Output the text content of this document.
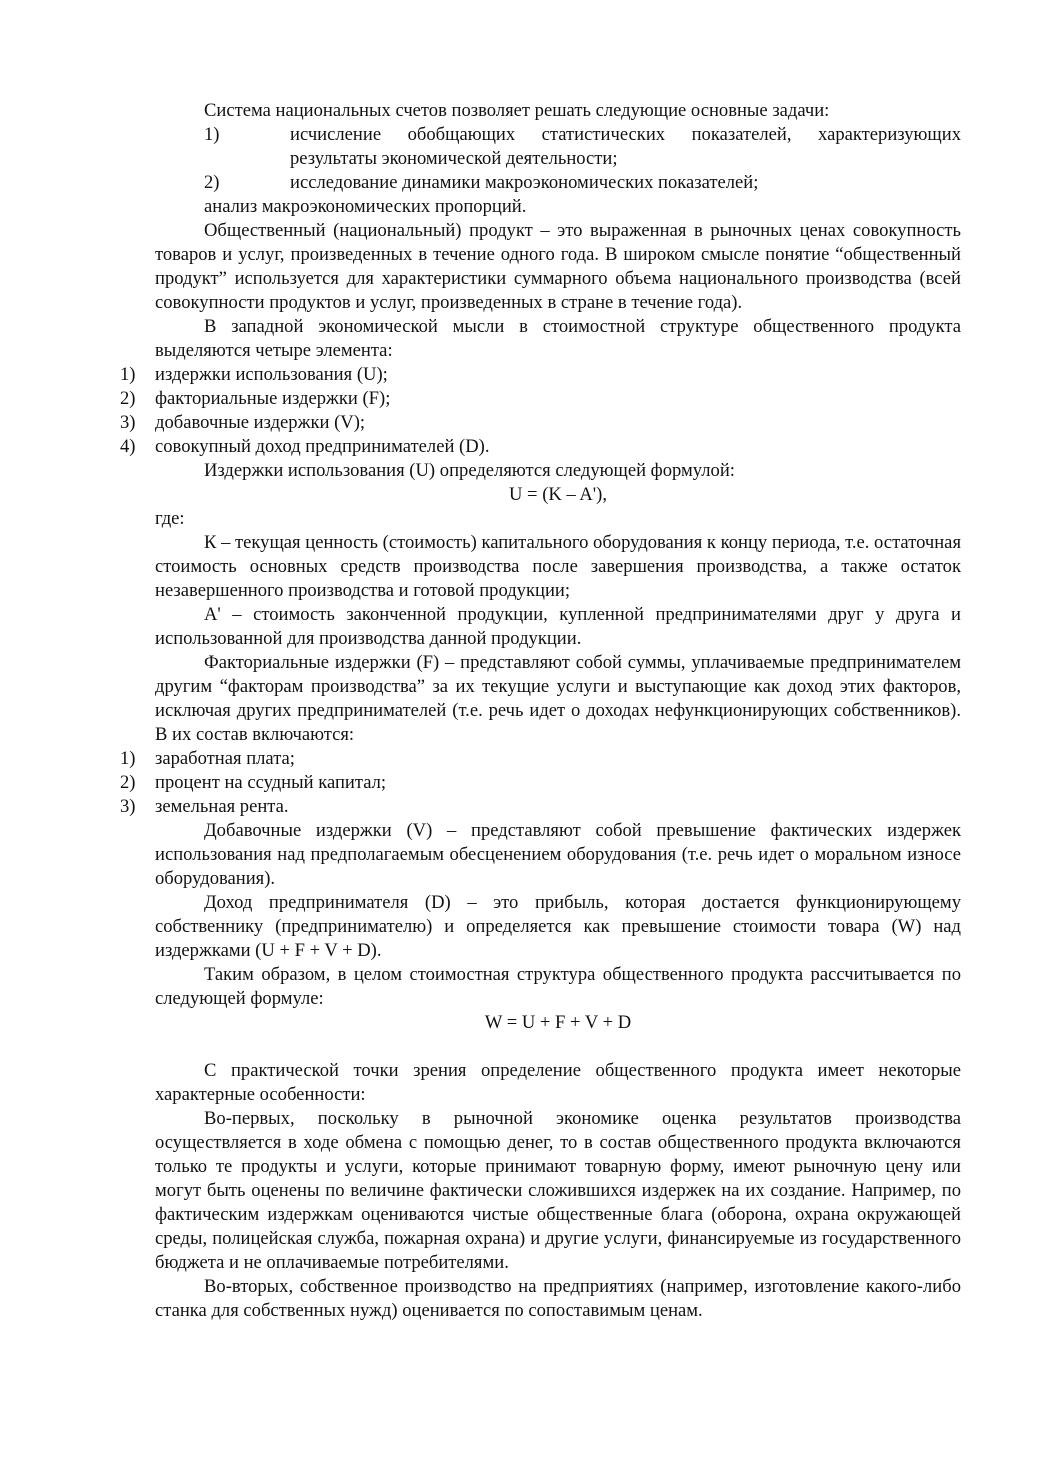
Система национальных счетов позволяет решать следующие основные задачи:

1)	исчисление обобщающих статистических показателей, характеризующих результаты экономической деятельности;
2)	исследование динамики макроэкономических показателей;

анализ макроэкономических пропорций.

Общественный (национальный) продукт – это выраженная в рыночных ценах совокупность товаров и услуг, произведенных в течение одного года. В широком смысле понятие “общественный продукт” используется для характеристики суммарного объема национального производства (всей совокупности продуктов и услуг, произведенных в стране в течение года).

В западной экономической мысли в стоимостной структуре общественного продукта выделяются четыре элемента:

1)	издержки использования (U);
2)	факториальные издержки (F);
3)	добавочные издержки (V);
4)	совокупный доход предпринимателей (D).

Издержки использования (U) определяются следующей формулой:

U = (K – A'),

где:

К – текущая ценность (стоимость) капитального оборудования к концу периода, т.е. остаточная стоимость основных средств производства после завершения производства, а также остаток незавершенного производства и готовой продукции;

А' – стоимость законченной продукции, купленной предпринимателями друг у друга и использованной для производства данной продукции.

Факториальные издержки (F) – представляют собой суммы, уплачиваемые предпринимателем другим “факторам производства” за их текущие услуги и выступающие как доход этих факторов, исключая других предпринимателей (т.е. речь идет о доходах нефункционирующих собственников). В их состав включаются:

1)	заработная плата;
2)	процент на ссудный капитал;
3)	земельная рента.

Добавочные издержки (V) – представляют собой превышение фактических издержек использования над предполагаемым обесценением оборудования (т.е. речь идет о моральном износе оборудования).

Доход предпринимателя (D) – это прибыль, которая достается функционирующему собственнику (предпринимателю) и определяется как превышение стоимости товара (W) над издержками (U + F + V + D).

Таким образом, в целом стоимостная структура общественного продукта рассчитывается по следующей формуле:

W = U + F + V + D

С практической точки зрения определение общественного продукта имеет некоторые характерные особенности:

Во-первых, поскольку в рыночной экономике оценка результатов производства осуществляется в ходе обмена с помощью денег, то в состав общественного продукта включаются только те продукты и услуги, которые принимают товарную форму, имеют рыночную цену или могут быть оценены по величине фактически сложившихся издержек на их создание. Например, по фактическим издержкам оцениваются чистые общественные блага (оборона, охрана окружающей среды, полицейская служба, пожарная охрана) и другие услуги, финансируемые из государственного бюджета и не оплачиваемые потребителями.

Во-вторых, собственное производство на предприятиях (например, изготовление какого-либо станка для собственных нужд) оценивается по сопоставимым ценам.
